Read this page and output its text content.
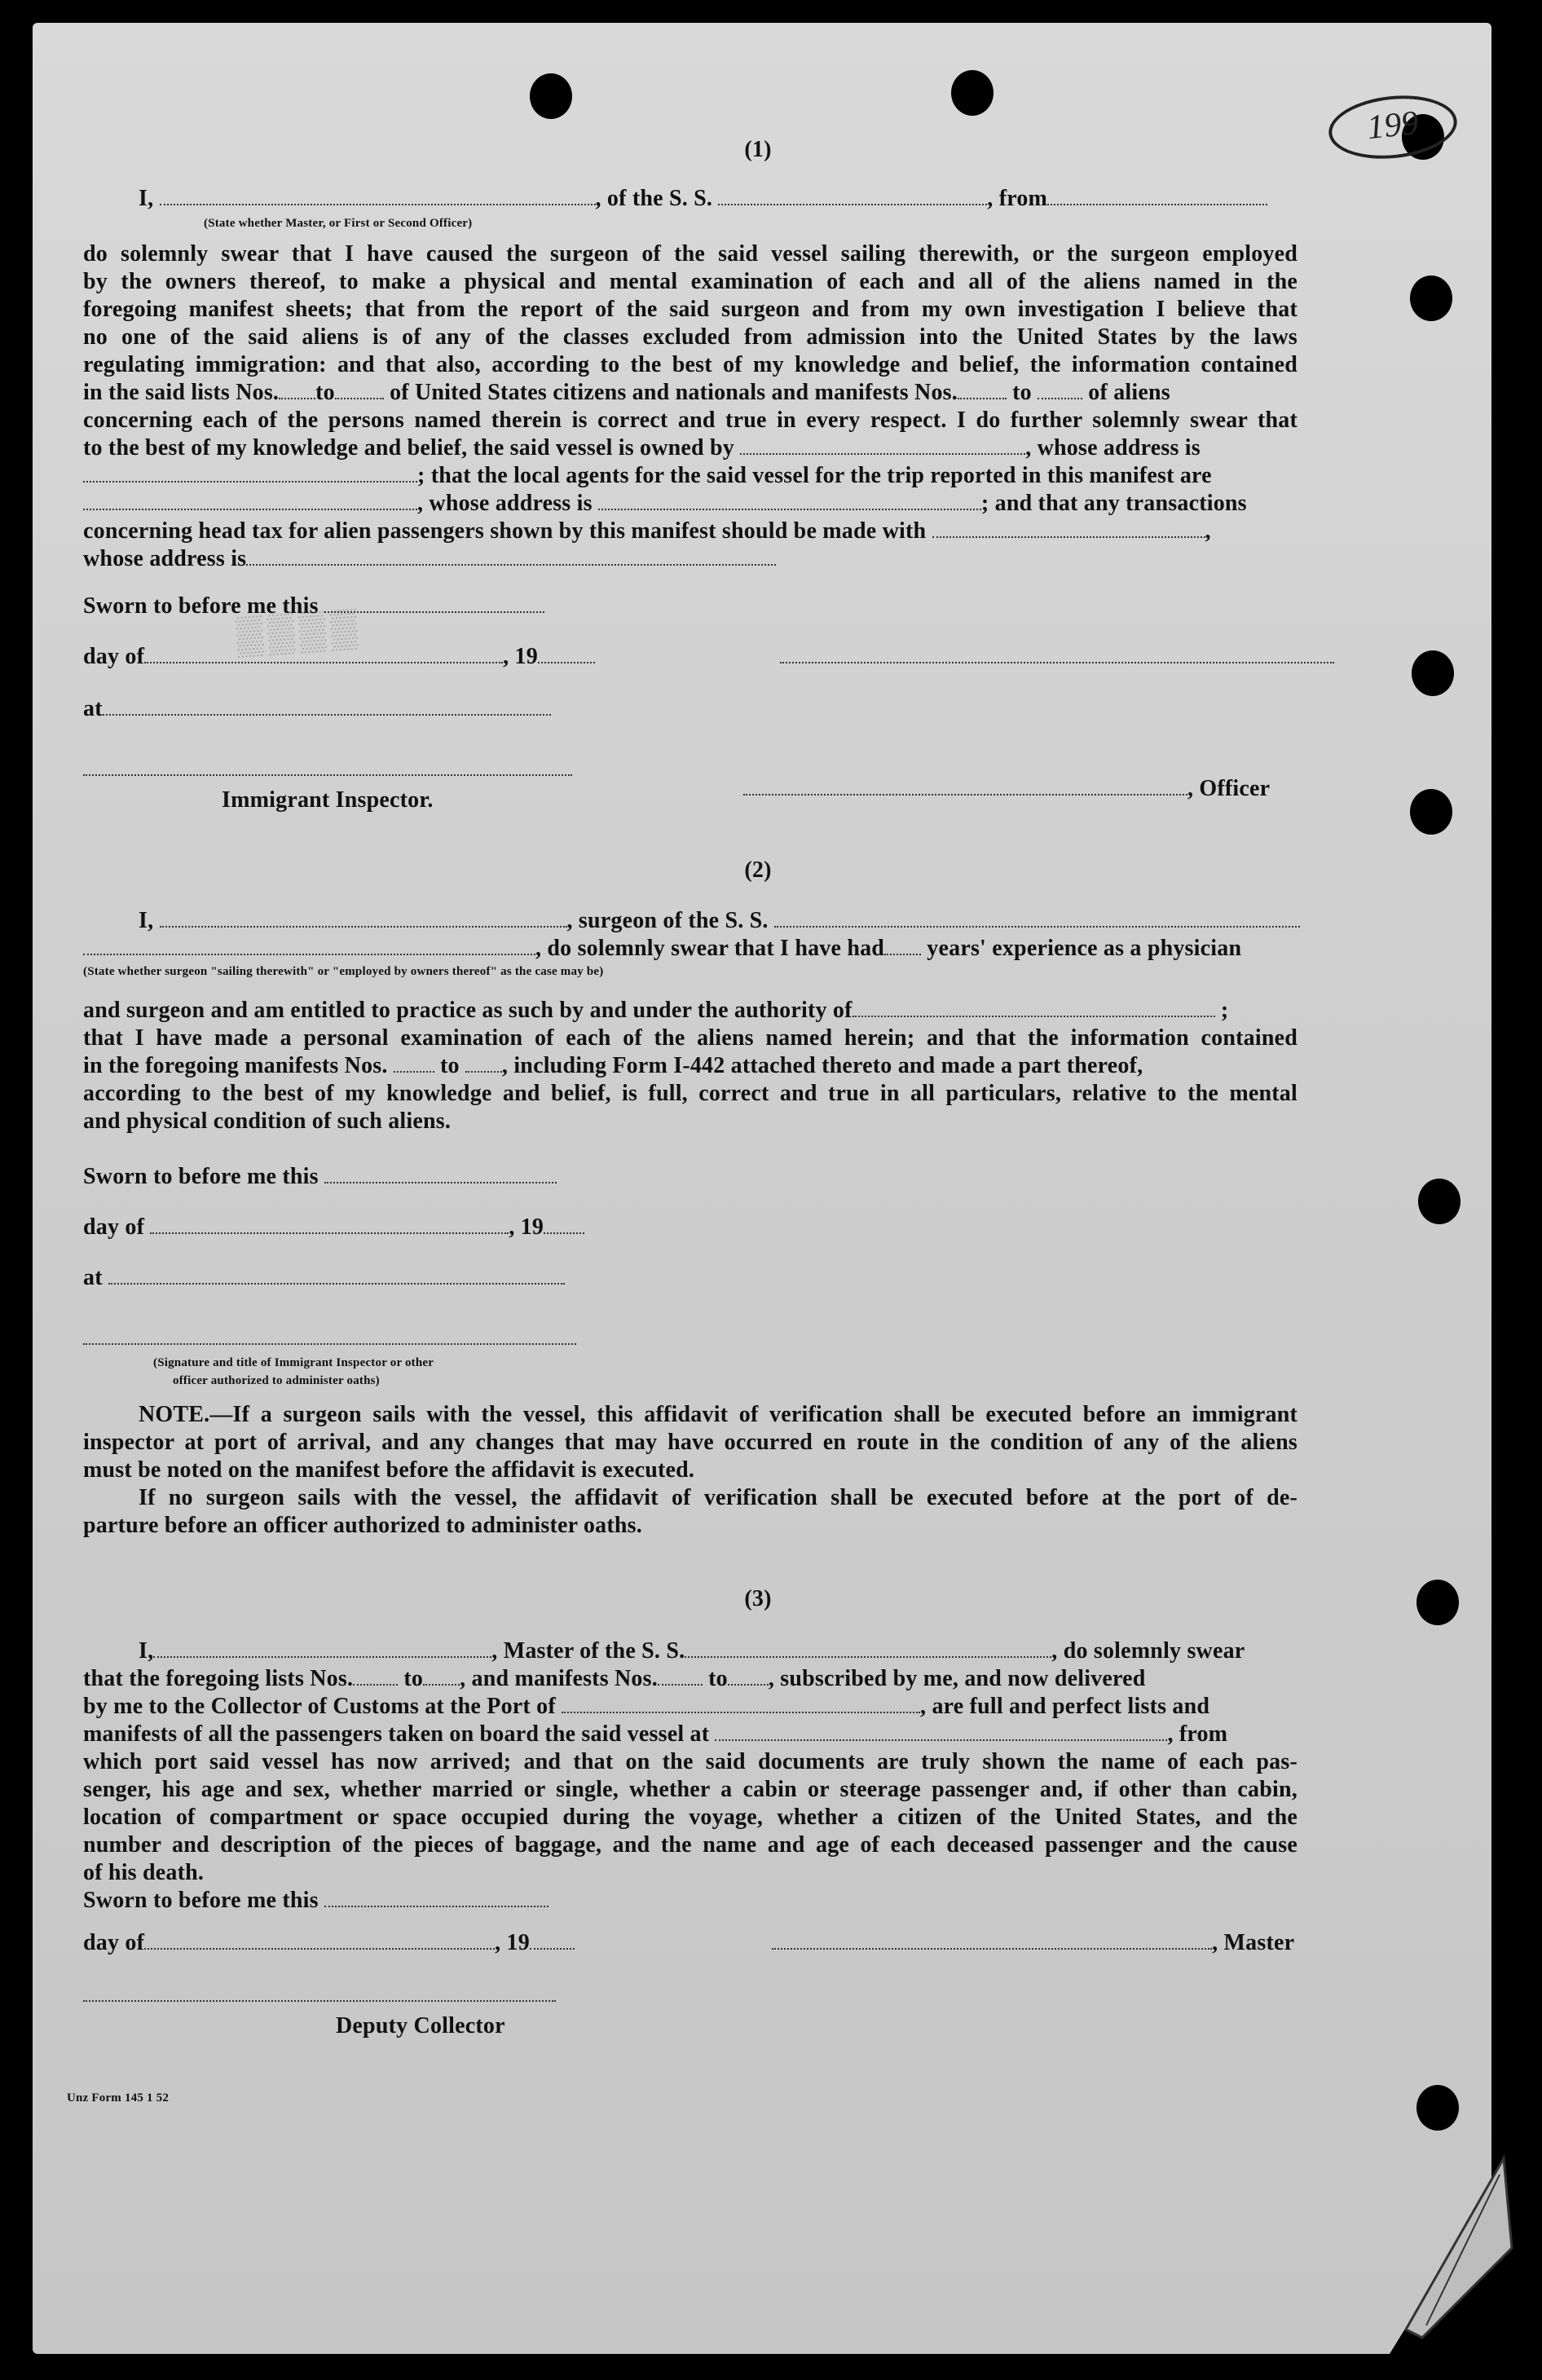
199
▒▒▒▒
(1)
I,	, of the S. S.	, from
(State whether Master, or First or Second Officer)
do solemnly swear that I have caused the surgeon of the said vessel sailing therewith, or the surgeon employed
by the owners thereof, to make a physical and mental examination of each and all of the aliens named in the
foregoing manifest sheets; that from the report of the said surgeon and from my own investigation I believe that
no one of the said aliens is of any of the classes excluded from admission into the United States by the laws
regulating immigration: and that also, according to the best of my knowledge and belief, the information contained
in the said lists Nos. to of United States citizens and nationals and manifests Nos. to of aliens
concerning each of the persons named therein is correct and true in every respect. I do further solemnly swear that
to the best of my knowledge and belief, the said vessel is owned by	, whose address is
; that the local agents for the said vessel for the trip reported in this manifest are
, whose address is	; and that any transactions
concerning head tax for alien passengers shown by this manifest should be made with	,
whose address is
Sworn to before me this
day of	, 19
at
Immigrant Inspector.	, Officer
(2)
I,	, surgeon of the S. S.
, do solemnly swear that I have had years' experience as a physician
(State whether surgeon "sailing therewith" or "employed by owners thereof" as the case may be)
and surgeon and am entitled to practice as such by and under the authority of	;
that I have made a personal examination of each of the aliens named herein; and that the information contained
in the foregoing manifests Nos. to , including Form I-442 attached thereto and made a part thereof,
according to the best of my knowledge and belief, is full, correct and true in all particulars, relative to the mental
and physical condition of such aliens.
Sworn to before me this
day of	, 19
at
(Signature and title of Immigrant Inspector or other
officer authorized to administer oaths)
NOTE.—If a surgeon sails with the vessel, this affidavit of verification shall be executed before an immigrant
inspector at port of arrival, and any changes that may have occurred en route in the condition of any of the aliens
must be noted on the manifest before the affidavit is executed.
If no surgeon sails with the vessel, the affidavit of verification shall be executed before at the port of de-
parture before an officer authorized to administer oaths.
(3)
I,	, Master of the S. S.	, do solemnly swear
that the foregoing lists Nos. to , and manifests Nos. to , subscribed by me, and now delivered
by me to the Collector of Customs at the Port of	, are full and perfect lists and
manifests of all the passengers taken on board the said vessel at	, from
which port said vessel has now arrived; and that on the said documents are truly shown the name of each pas-
senger, his age and sex, whether married or single, whether a cabin or steerage passenger and, if other than cabin,
location of compartment or space occupied during the voyage, whether a citizen of the United States, and the
number and description of the pieces of baggage, and the name and age of each deceased passenger and the cause
of his death.
Sworn to before me this
day of	, 19	, Master
Deputy Collector
Unz Form 145 1 52
